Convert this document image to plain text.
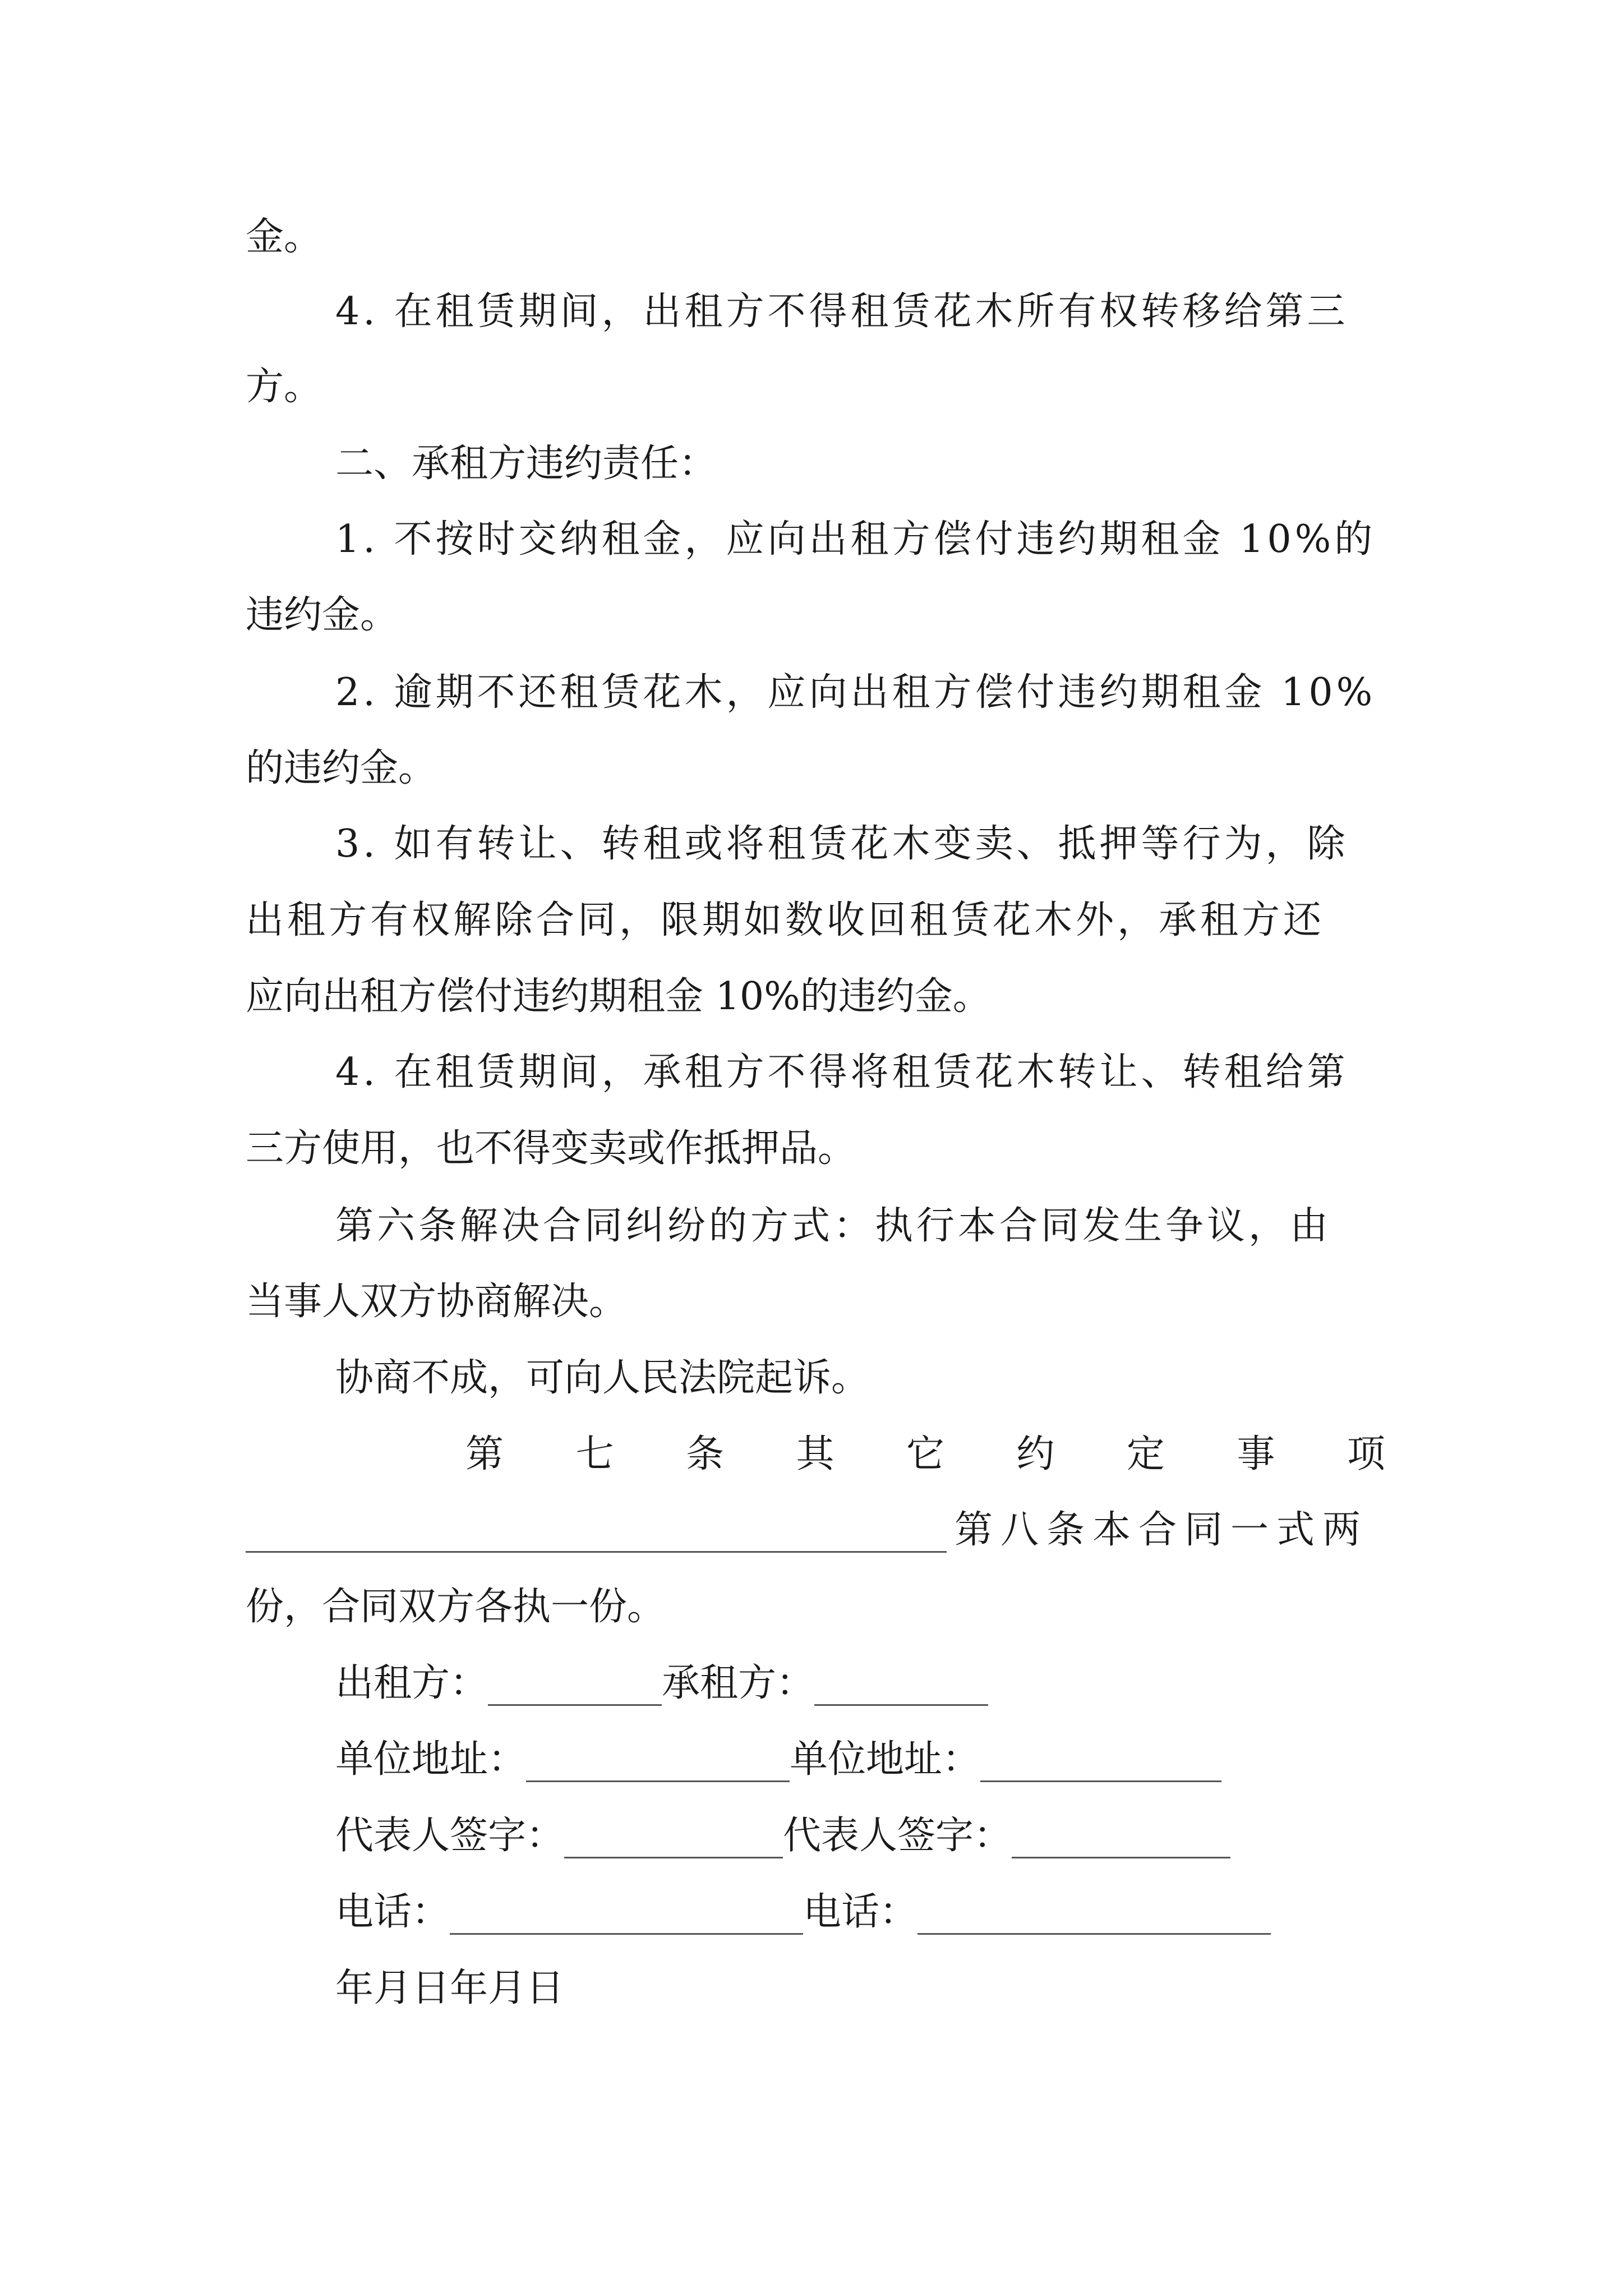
金。
4. 在租赁期间，出租方不得租赁花木所有权转移给第三
方。
二、承租方违约责任：
1. 不按时交纳租金，应向出租方偿付违约期租金 10%的
违约金。
2. 逾期不还租赁花木，应向出租方偿付违约期租金 10%
的违约金。
3. 如有转让、转租或将租赁花木变卖、抵押等行为，除
出租方有权解除合同，限期如数收回租赁花木外，承租方还
应向出租方偿付违约期租金 10%的违约金。
4. 在租赁期间，承租方不得将租赁花木转让、转租给第
三方使用，也不得变卖或作抵押品。
第六条解决合同纠纷的方式：执行本合同发生争议，由
当事人双方协商解决。
协商不成，可向人民法院起诉。
第 七 条 其 它 约 定 事 项
第八条本合同一式两
份，合同双方各执一份。
出租方：	承租方：
单位地址：	单位地址：
代表人签字：	代表人签字：
电话：	电话：
年月日年月日
